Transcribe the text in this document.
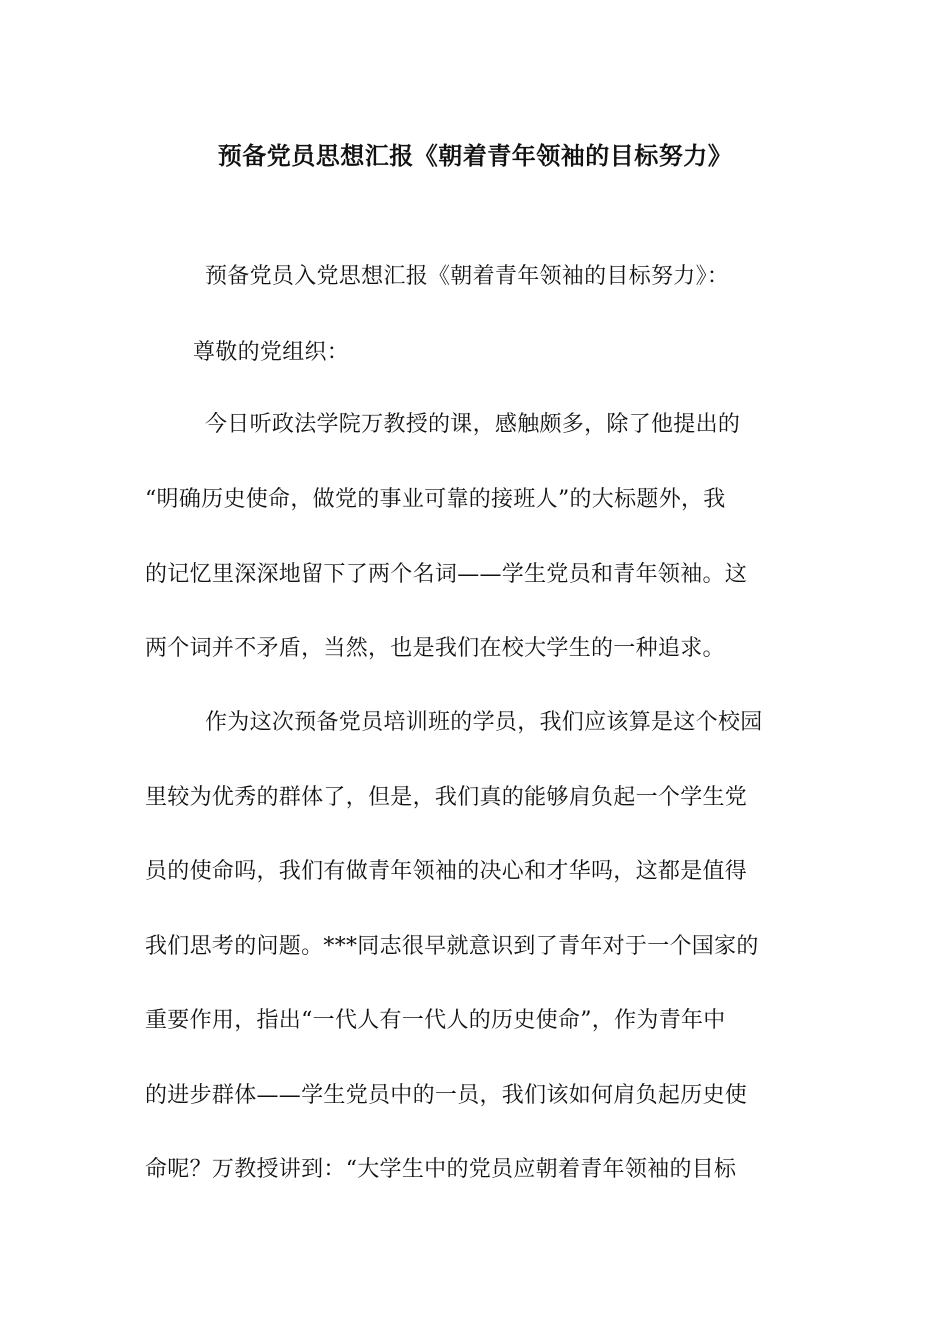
预备党员思想汇报《朝着青年领袖的目标努力》
预备党员入党思想汇报《朝着青年领袖的目标努力》：
尊敬的党组织：
今日听政法学院万教授的课，感触颇多，除了他提出的
“明确历史使命，做党的事业可靠的接班人”的大标题外，我
的记忆里深深地留下了两个名词——学生党员和青年领袖。这
两个词并不矛盾，当然，也是我们在校大学生的一种追求。
作为这次预备党员培训班的学员，我们应该算是这个校园
里较为优秀的群体了，但是，我们真的能够肩负起一个学生党
员的使命吗，我们有做青年领袖的决心和才华吗，这都是值得
我们思考的问题。***同志很早就意识到了青年对于一个国家的
重要作用，指出“一代人有一代人的历史使命”，作为青年中
的进步群体——学生党员中的一员，我们该如何肩负起历史使
命呢？万教授讲到：“大学生中的党员应朝着青年领袖的目标
